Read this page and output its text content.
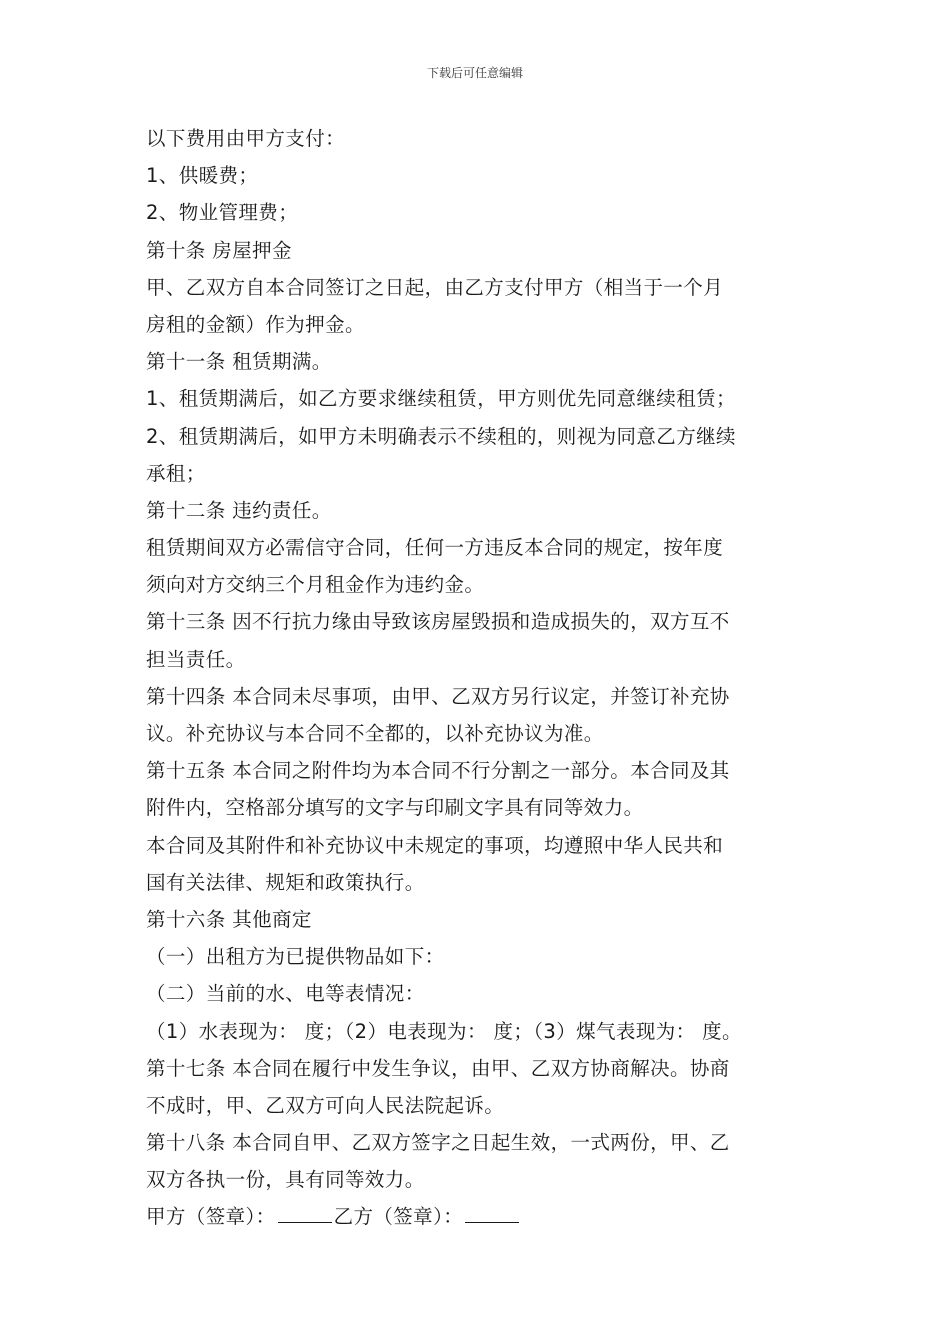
下载后可任意编辑
以下费用由甲方支付：
1、供暖费；
2、物业管理费；
第十条 房屋押金
甲、乙双方自本合同签订之日起，由乙方支付甲方（相当于一个月
房租的金额）作为押金。
第十一条 租赁期满。
1、租赁期满后，如乙方要求继续租赁，甲方则优先同意继续租赁；
2、租赁期满后，如甲方未明确表示不续租的，则视为同意乙方继续
承租；
第十二条 违约责任。
租赁期间双方必需信守合同，任何一方违反本合同的规定，按年度
须向对方交纳三个月租金作为违约金。
第十三条 因不行抗力缘由导致该房屋毁损和造成损失的，双方互不
担当责任。
第十四条 本合同未尽事项，由甲、乙双方另行议定，并签订补充协
议。补充协议与本合同不全都的，以补充协议为准。
第十五条 本合同之附件均为本合同不行分割之一部分。本合同及其
附件内，空格部分填写的文字与印刷文字具有同等效力。
本合同及其附件和补充协议中未规定的事项，均遵照中华人民共和
国有关法律、规矩和政策执行。
第十六条 其他商定
（一）出租方为已提供物品如下：
（二）当前的水、电等表情况：
（1）水表现为： 度；（2）电表现为： 度；（3）煤气表现为： 度。
第十七条 本合同在履行中发生争议，由甲、乙双方协商解决。协商
不成时，甲、乙双方可向人民法院起诉。
第十八条 本合同自甲、乙双方签字之日起生效，一式两份，甲、乙
双方各执一份，具有同等效力。
甲方（签章）：	乙方（签章）：
